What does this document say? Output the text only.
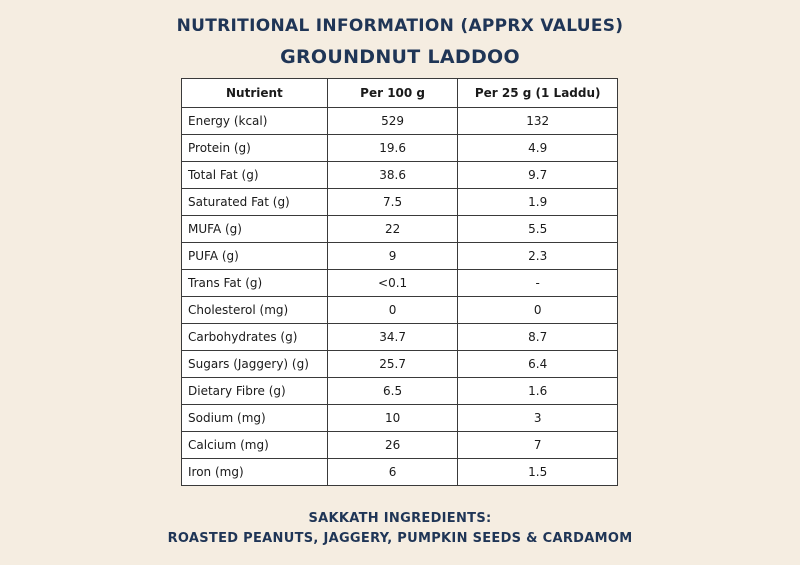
NUTRITIONAL INFORMATION (APPRX VALUES)
GROUNDNUT LADDOO
Nutrient	Per 100 g	Per 25 g (1 Laddu)
Energy (kcal)	529	132
Protein (g)	19.6	4.9
Total Fat (g)	38.6	9.7
Saturated Fat (g)	7.5	1.9
MUFA (g)	22	5.5
PUFA (g)	9	2.3
Trans Fat (g)	<0.1	-
Cholesterol (mg)	0	0
Carbohydrates (g)	34.7	8.7
Sugars (Jaggery) (g)	25.7	6.4
Dietary Fibre (g)	6.5	1.6
Sodium (mg)	10	3
Calcium (mg)	26	7
Iron (mg)	6	1.5

SAKKATH INGREDIENTS:

ROASTED PEANUTS, JAGGERY, PUMPKIN SEEDS & CARDAMOM
